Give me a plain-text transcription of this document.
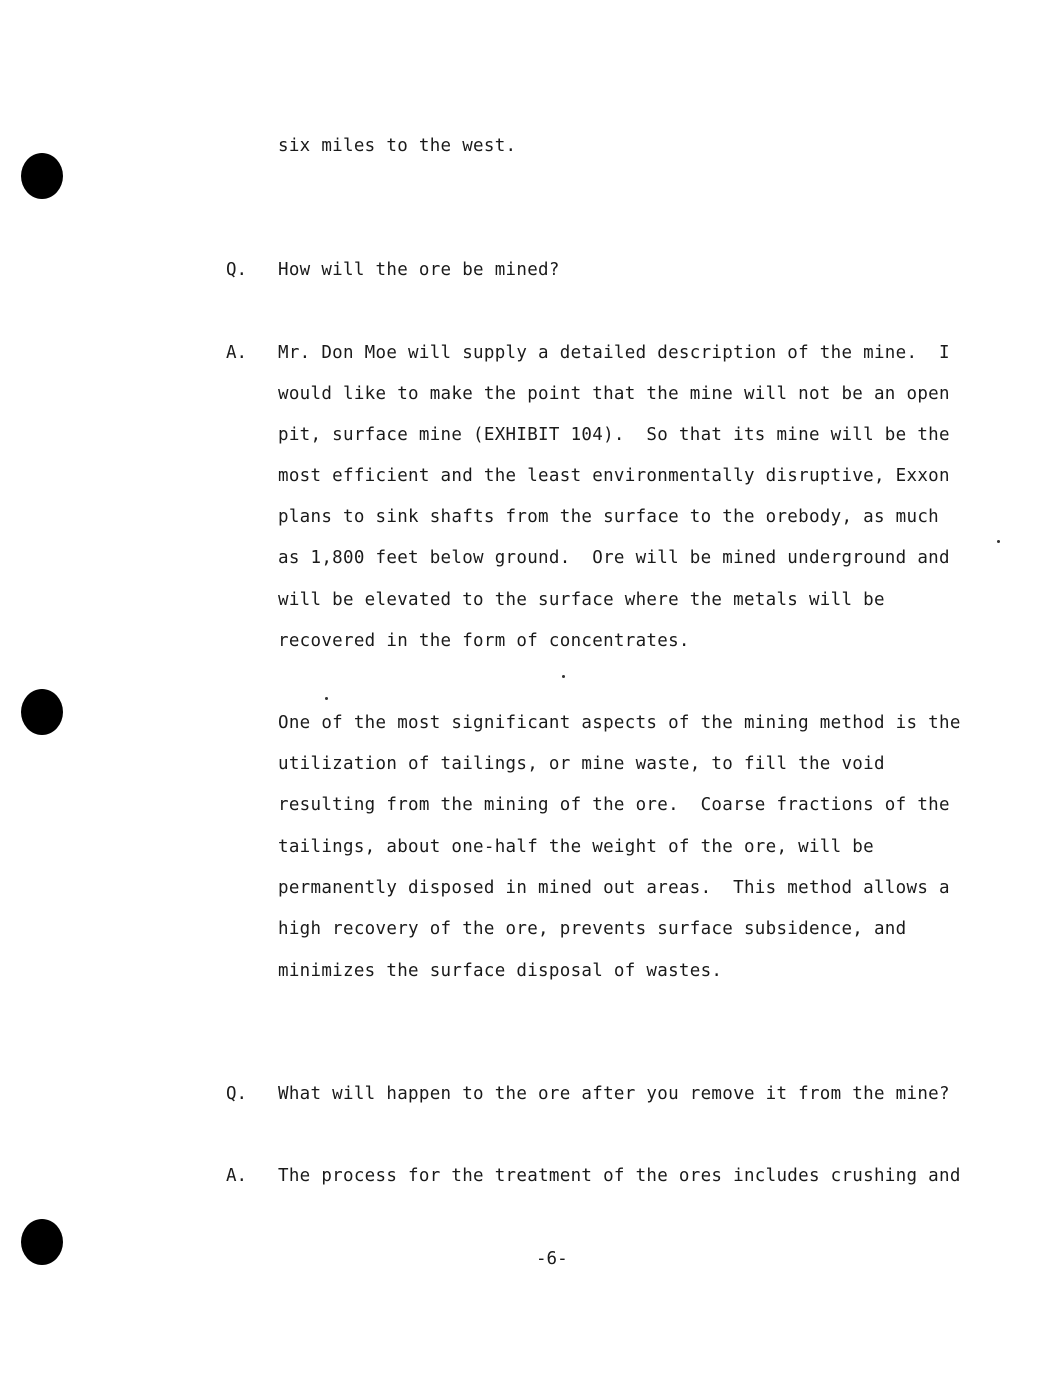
six miles to the west.
Q. How will the ore be mined?
A. Mr. Don Moe will supply a detailed description of the mine.  I
would like to make the point that the mine will not be an open
pit, surface mine (EXHIBIT 104).  So that its mine will be the
most efficient and the least environmentally disruptive, Exxon
plans to sink shafts from the surface to the orebody, as much
as 1,800 feet below ground.  Ore will be mined underground and
will be elevated to the surface where the metals will be
recovered in the form of concentrates.
One of the most significant aspects of the mining method is the
utilization of tailings, or mine waste, to fill the void
resulting from the mining of the ore.  Coarse fractions of the
tailings, about one-half the weight of the ore, will be
permanently disposed in mined out areas.  This method allows a
high recovery of the ore, prevents surface subsidence, and
minimizes the surface disposal of wastes.
Q. What will happen to the ore after you remove it from the mine?
A. The process for the treatment of the ores includes crushing and
-6-
